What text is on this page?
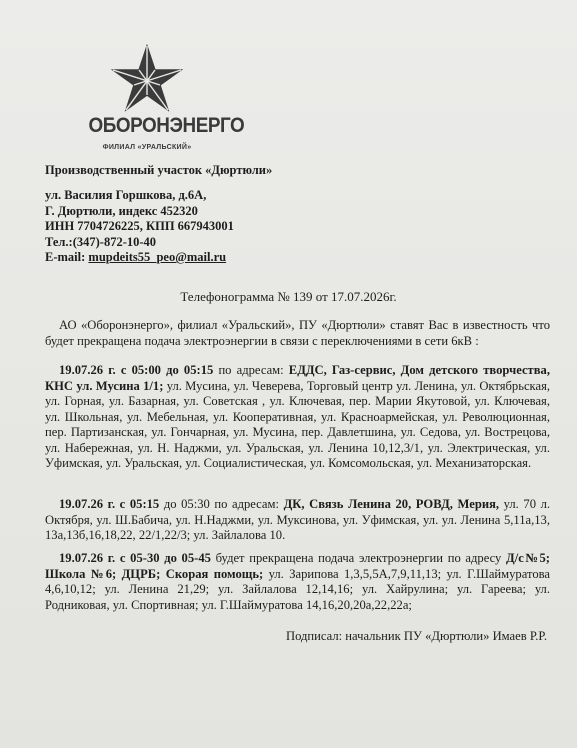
ОБОРОНЭНЕРГО
ФИЛИАЛ «УРАЛЬСКИЙ»
Производственный участок «Дюртюли»
ул. Василия Горшкова, д.6А,
Г. Дюртюли, индекс 452320
ИНН 7704726225, КПП 667943001
Тел.:(347)-872-10-40
E-mail: mupdeits55_peo@mail.ru
Телефонограмма № 139 от 17.07.2026г.
АО «Оборонэнерго», филиал «Уральский», ПУ «Дюртюли» ставят Вас в известность что будет прекращена подача электроэнергии в связи с переключениями в сети 6кВ :
19.07.26 г. с 05:00 до 05:15 по адресам: ЕДДС, Газ-сервис, Дом детского творчества, КНС ул. Мусина 1/1; ул. Мусина, ул. Чеверева, Торговый центр ул. Ленина, ул. Октябрьская, ул. Горная, ул. Базарная, ул. Советская , ул. Ключевая, пер. Марии Якутовой, ул. Ключевая, ул. Школьная, ул. Мебельная, ул. Кооперативная, ул. Красноармейская, ул. Революционная, пер. Партизанская, ул. Гончарная, ул. Мусина, пер. Давлетшина, ул. Седова, ул. Вострецова, ул. Набережная, ул. Н. Наджми, ул. Уральская, ул. Ленина 10,12,3/1, ул. Электрическая, ул. Уфимская, ул. Уральская, ул. Социалистическая, ул. Комсомольская, ул. Механизаторская.
19.07.26 г. с 05:15 до 05:30 по адресам: ДК, Связь Ленина 20, РОВД, Мерия, ул. 70 л. Октября, ул. Ш.Бабича, ул. Н.Наджми, ул. Муксинова, ул. Уфимская, ул. ул. Ленина 5,11а,13, 13а,13б,16,18,22, 22/1,22/3; ул. Зайлалова 10.
19.07.26 г. с 05-30 до 05-45 будет прекращена подача электроэнергии по адресу Д/с№5; Школа №6; ДЦРБ; Скорая помощь; ул. Зарипова 1,3,5,5А,7,9,11,13; ул. Г.Шаймуратова 4,6,10,12; ул. Ленина 21,29; ул. Зайлалова 12,14,16; ул. Хайрулина; ул. Гареева; ул. Родниковая, ул. Спортивная; ул. Г.Шаймуратова 14,16,20,20а,22,22а;
Подписал: начальник ПУ «Дюртюли» Имаев Р.Р.
